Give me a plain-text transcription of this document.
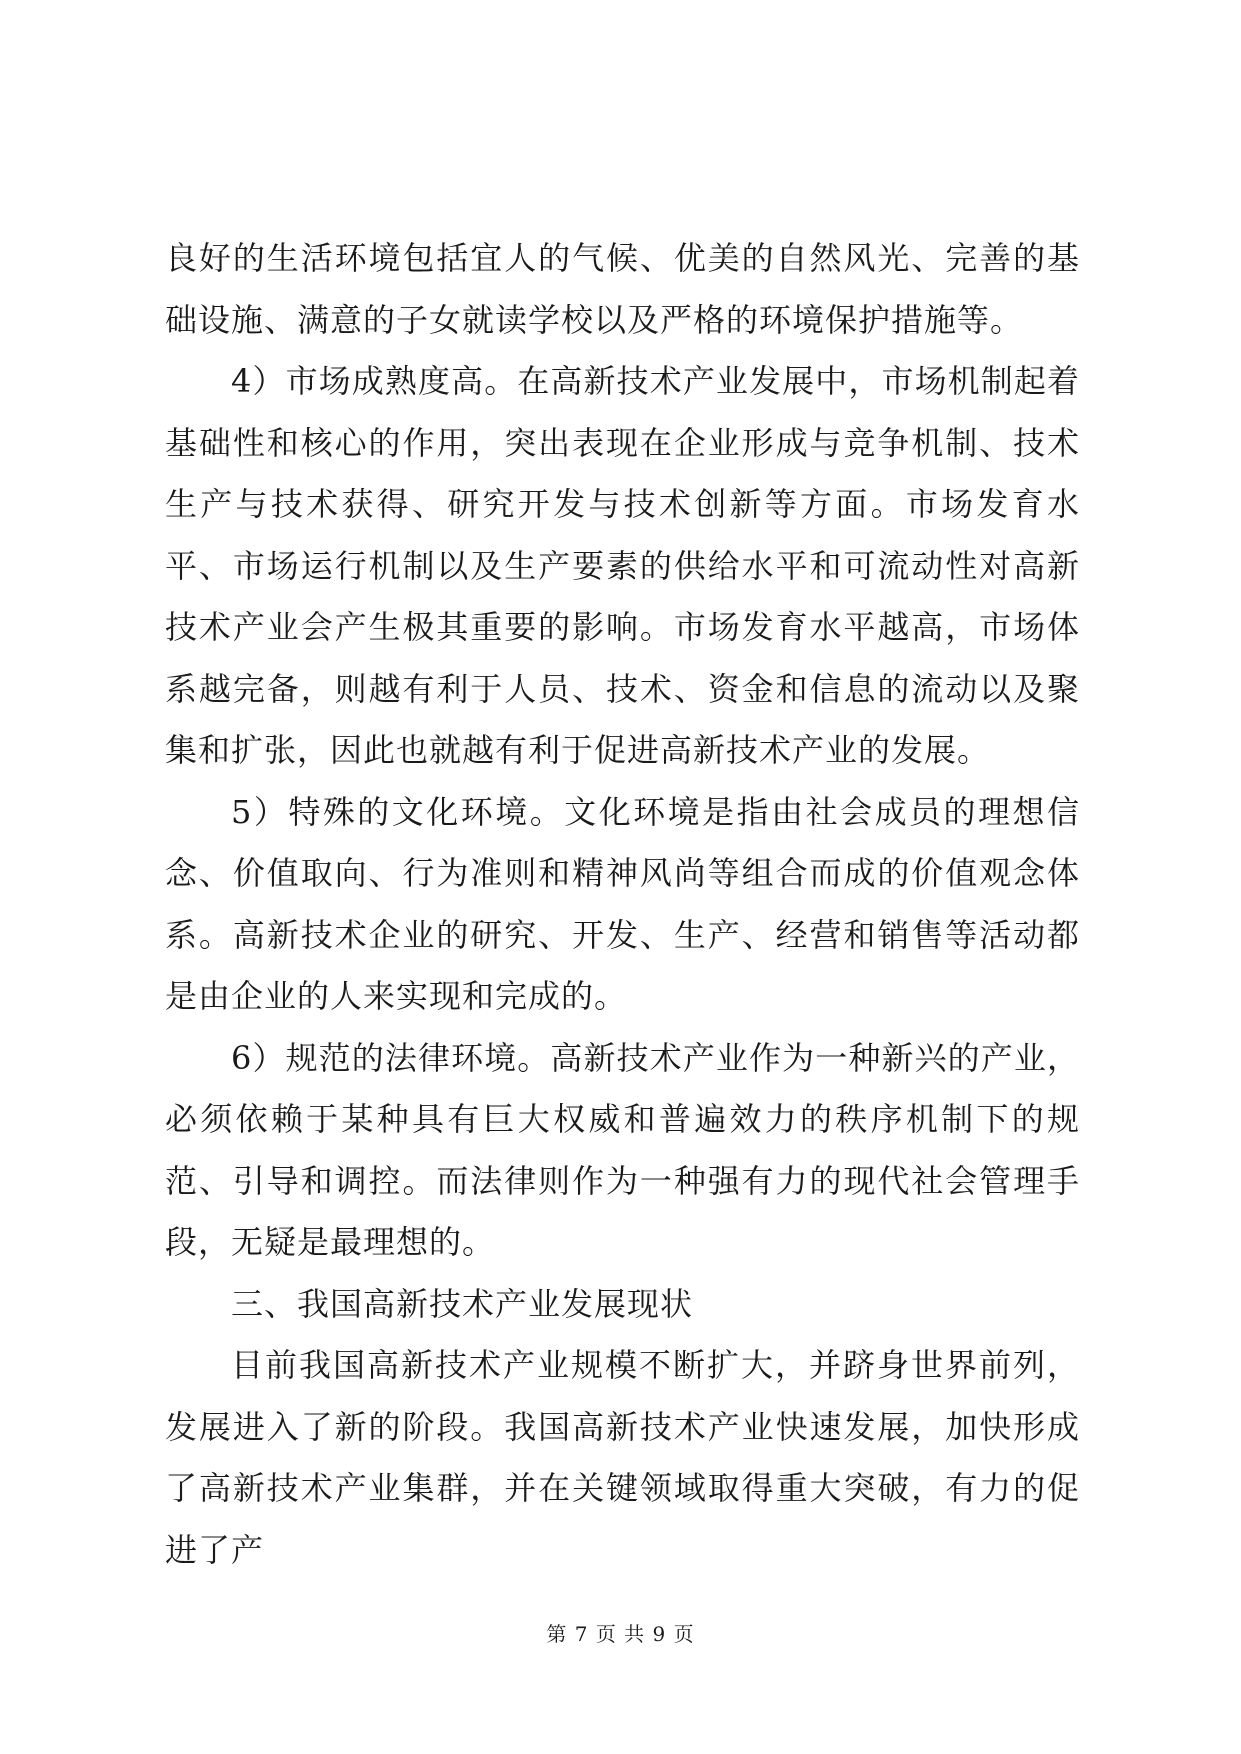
良好的生活环境包括宜人的气候、优美的自然风光、完善的基础设施、满意的子女就读学校以及严格的环境保护措施等。

4）市场成熟度高。在高新技术产业发展中，市场机制起着基础性和核心的作用，突出表现在企业形成与竞争机制、技术生产与技术获得、研究开发与技术创新等方面。市场发育水平、市场运行机制以及生产要素的供给水平和可流动性对高新技术产业会产生极其重要的影响。市场发育水平越高，市场体系越完备，则越有利于人员、技术、资金和信息的流动以及聚集和扩张，因此也就越有利于促进高新技术产业的发展。

5）特殊的文化环境。文化环境是指由社会成员的理想信念、价值取向、行为准则和精神风尚等组合而成的价值观念体系。高新技术企业的研究、开发、生产、经营和销售等活动都是由企业的人来实现和完成的。

6）规范的法律环境。高新技术产业作为一种新兴的产业，必须依赖于某种具有巨大权威和普遍效力的秩序机制下的规范、引导和调控。而法律则作为一种强有力的现代社会管理手段，无疑是最理想的。

三、我国高新技术产业发展现状

目前我国高新技术产业规模不断扩大，并跻身世界前列，发展进入了新的阶段。我国高新技术产业快速发展，加快形成了高新技术产业集群，并在关键领域取得重大突破，有力的促进了产

第 7 页 共 9 页
